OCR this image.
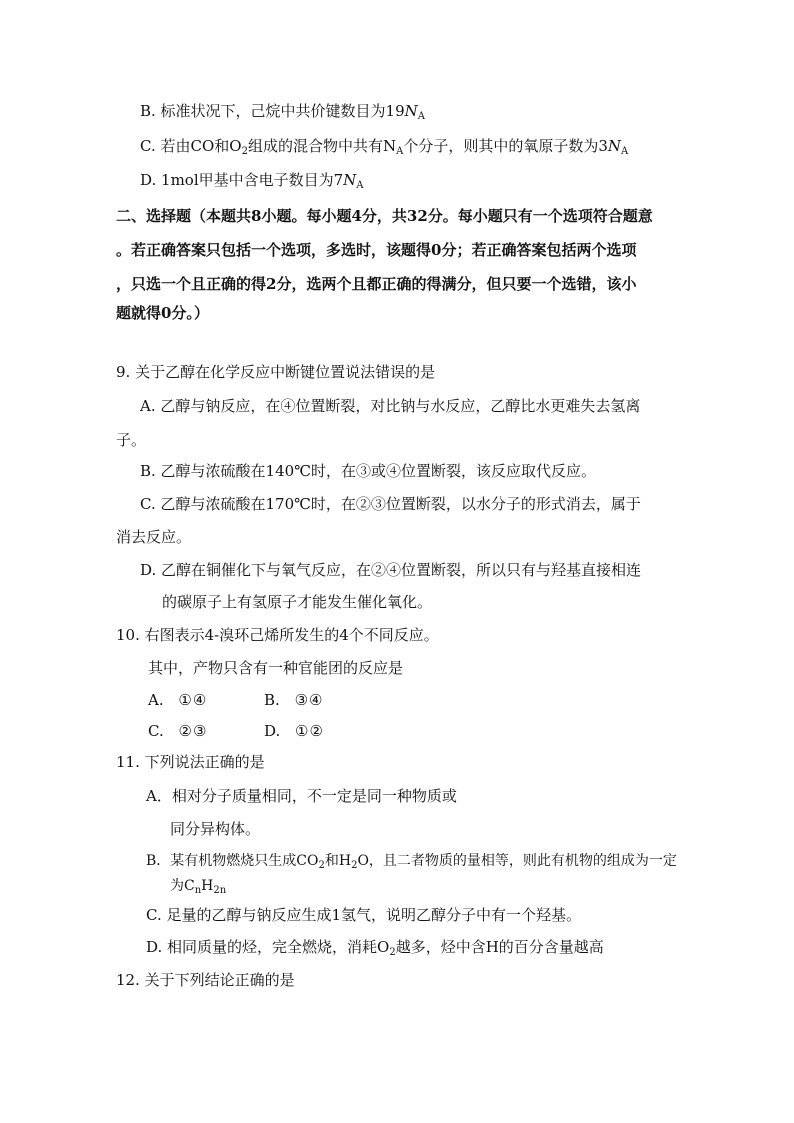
B. 标准状况下，己烷中共价键数目为$19N_A$
C. 若由CO和$O_2$组成的混合物中共有$N_A$个分子，则其中的氧原子数为$3N_A$
D. 1mol甲基中含电子数目为$7N_A$
二、选择题（本题共8小题。每小题4分，共32分。每小题只有一个选项符合题意
。若正确答案只包括一个选项，多选时，该题得0分；若正确答案包括两个选项
，只选一个且正确的得2分，选两个且都正确的得满分，但只要一个选错，该小
题就得0分。）
9. 关于乙醇在化学反应中断键位置说法错误的是
A. 乙醇与钠反应，在④位置断裂，对比钠与水反应，乙醇比水更难失去氢离
子。
B. 乙醇与浓硫酸在140℃时，在③或④位置断裂，该反应取代反应。
C. 乙醇与浓硫酸在170℃时，在②③位置断裂，以水分子的形式消去，属于
消去反应。
D. 乙醇在铜催化下与氧气反应，在②④位置断裂，所以只有与羟基直接相连
的碳原子上有氢原子才能发生催化氧化。
10. 右图表示4-溴环己烯所发生的4个不同反应。
其中，产物只含有一种官能团的反应是
A. ①④	B. ③④
C. ②③	D. ①②
11. 下列说法正确的是
A．相对分子质量相同，不一定是同一种物质或
同分异构体。
B．某有机物燃烧只生成$CO_2$和$H_2O$，且二者物质的量相等，则此有机物的组成为一定
为$C_nH_{2n}$
C. 足量的乙醇与钠反应生成1氢气，说明乙醇分子中有一个羟基。
D. 相同质量的烃，完全燃烧，消耗$O_2$越多，烃中含H的百分含量越高
12. 关于下列结论正确的是
